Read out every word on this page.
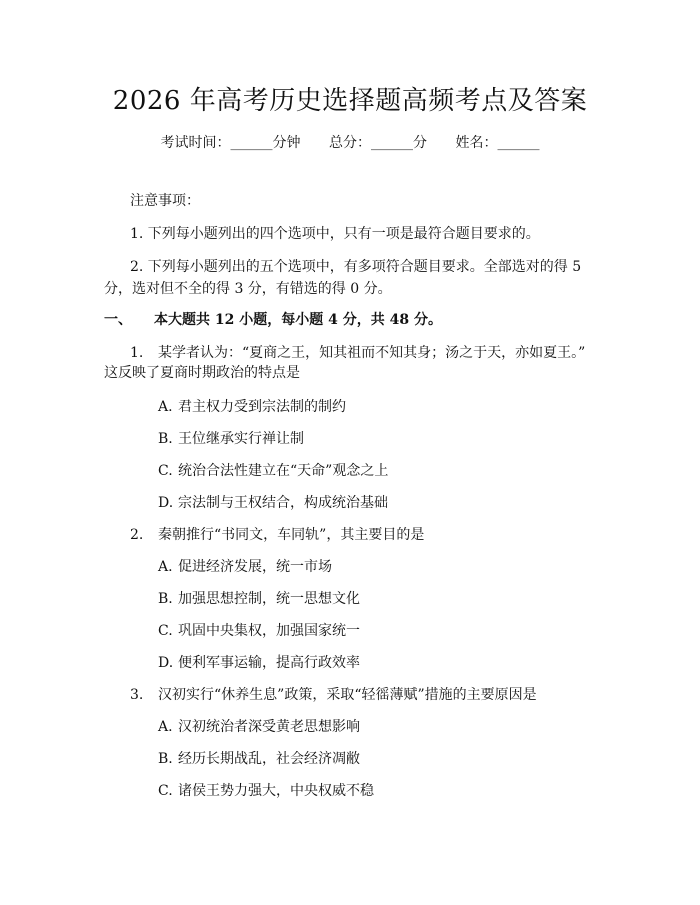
2026 年高考历史选择题高频考点及答案
考试时间：______分钟 总分：______分 姓名：______
注意事项：
1. 下列每小题列出的四个选项中，只有一项是最符合题目要求的。
2. 下列每小题列出的五个选项中，有多项符合题目要求。全部选对的得 5
分，选对但不全的得 3 分，有错选的得 0 分。
一、 本大题共 12 小题，每小题 4 分，共 48 分。
1. 某学者认为：“夏商之王，知其祖而不知其身；汤之于天，亦如夏王。”
这反映了夏商时期政治的特点是
A. 君主权力受到宗法制的制约
B. 王位继承实行禅让制
C. 统治合法性建立在“天命”观念之上
D. 宗法制与王权结合，构成统治基础
2. 秦朝推行“书同文，车同轨”，其主要目的是
A. 促进经济发展，统一市场
B. 加强思想控制，统一思想文化
C. 巩固中央集权，加强国家统一
D. 便利军事运输，提高行政效率
3. 汉初实行“休养生息”政策，采取“轻徭薄赋”措施的主要原因是
A. 汉初统治者深受黄老思想影响
B. 经历长期战乱，社会经济凋敝
C. 诸侯王势力强大，中央权威不稳
